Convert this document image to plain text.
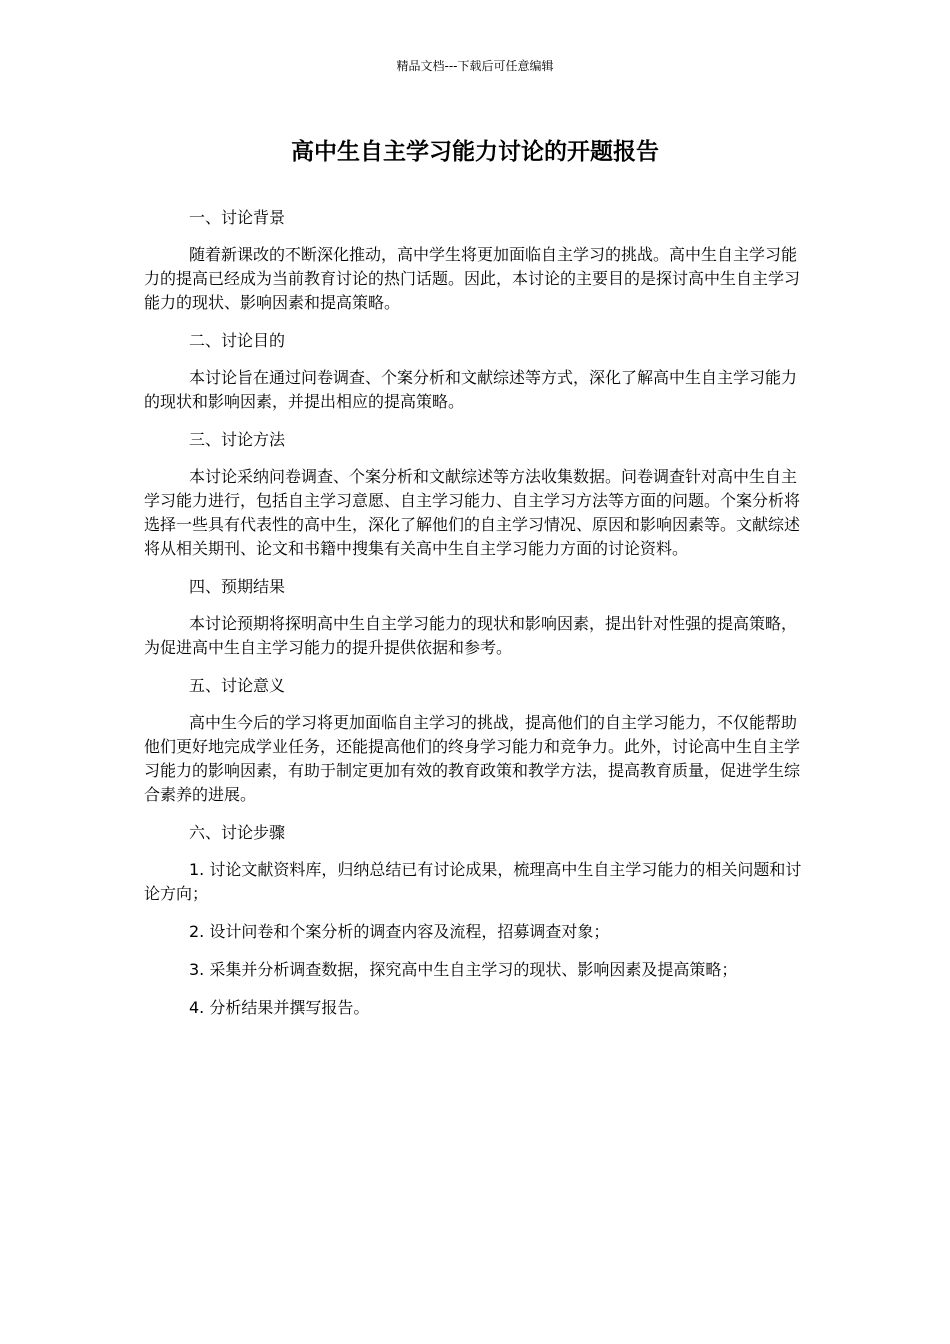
精品文档---下载后可任意编辑
高中生自主学习能力讨论的开题报告

一、讨论背景

随着新课改的不断深化推动，高中学生将更加面临自主学习的挑战。高中生自主学习能力的提高已经成为当前教育讨论的热门话题。因此，本讨论的主要目的是探讨高中生自主学习能力的现状、影响因素和提高策略。

二、讨论目的

本讨论旨在通过问卷调查、个案分析和文献综述等方式，深化了解高中生自主学习能力的现状和影响因素，并提出相应的提高策略。

三、讨论方法

本讨论采纳问卷调查、个案分析和文献综述等方法收集数据。问卷调查针对高中生自主学习能力进行，包括自主学习意愿、自主学习能力、自主学习方法等方面的问题。个案分析将选择一些具有代表性的高中生，深化了解他们的自主学习情况、原因和影响因素等。文献综述将从相关期刊、论文和书籍中搜集有关高中生自主学习能力方面的讨论资料。

四、预期结果

本讨论预期将探明高中生自主学习能力的现状和影响因素，提出针对性强的提高策略，为促进高中生自主学习能力的提升提供依据和参考。

五、讨论意义

高中生今后的学习将更加面临自主学习的挑战，提高他们的自主学习能力，不仅能帮助他们更好地完成学业任务，还能提高他们的终身学习能力和竞争力。此外，讨论高中生自主学习能力的影响因素，有助于制定更加有效的教育政策和教学方法，提高教育质量，促进学生综合素养的进展。

六、讨论步骤

1. 讨论文献资料库，归纳总结已有讨论成果，梳理高中生自主学习能力的相关问题和讨论方向；

2. 设计问卷和个案分析的调查内容及流程，招募调查对象；

3. 采集并分析调查数据，探究高中生自主学习的现状、影响因素及提高策略；

4. 分析结果并撰写报告。
